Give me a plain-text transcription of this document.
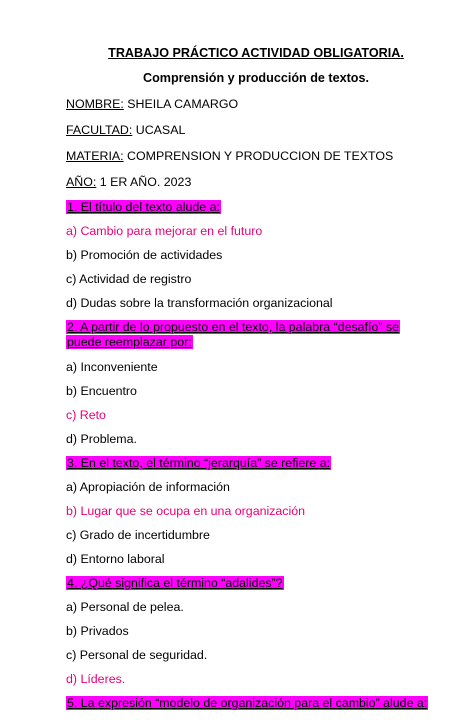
TRABAJO PRÁCTICO ACTIVIDAD OBLIGATORIA.
Comprensión y producción de textos.
NOMBRE: SHEILA CAMARGO
FACULTAD: UCASAL
MATERIA: COMPRENSION Y PRODUCCION DE TEXTOS
AÑO: 1 ER AÑO. 2023
1. El título del texto alude a:
a) Cambio para mejorar en el futuro
b) Promoción de actividades
c) Actividad de registro
d) Dudas sobre la transformación organizacional
2. A partir de lo propuesto en el texto, la palabra “desafío” se puede reemplazar por:
a) Inconveniente
b) Encuentro
c) Reto
d) Problema.
3. En el texto, el término “jerarquía” se refiere a:
a) Apropiación de información
b) Lugar que se ocupa en una organización
c) Grado de incertidumbre
d) Entorno laboral
4. ¿Qué significa el término “adalides”?
a) Personal de pelea.
b) Privados
c) Personal de seguridad.
d) Líderes.
5. La expresión “modelo de organización para el cambio” alude a:
